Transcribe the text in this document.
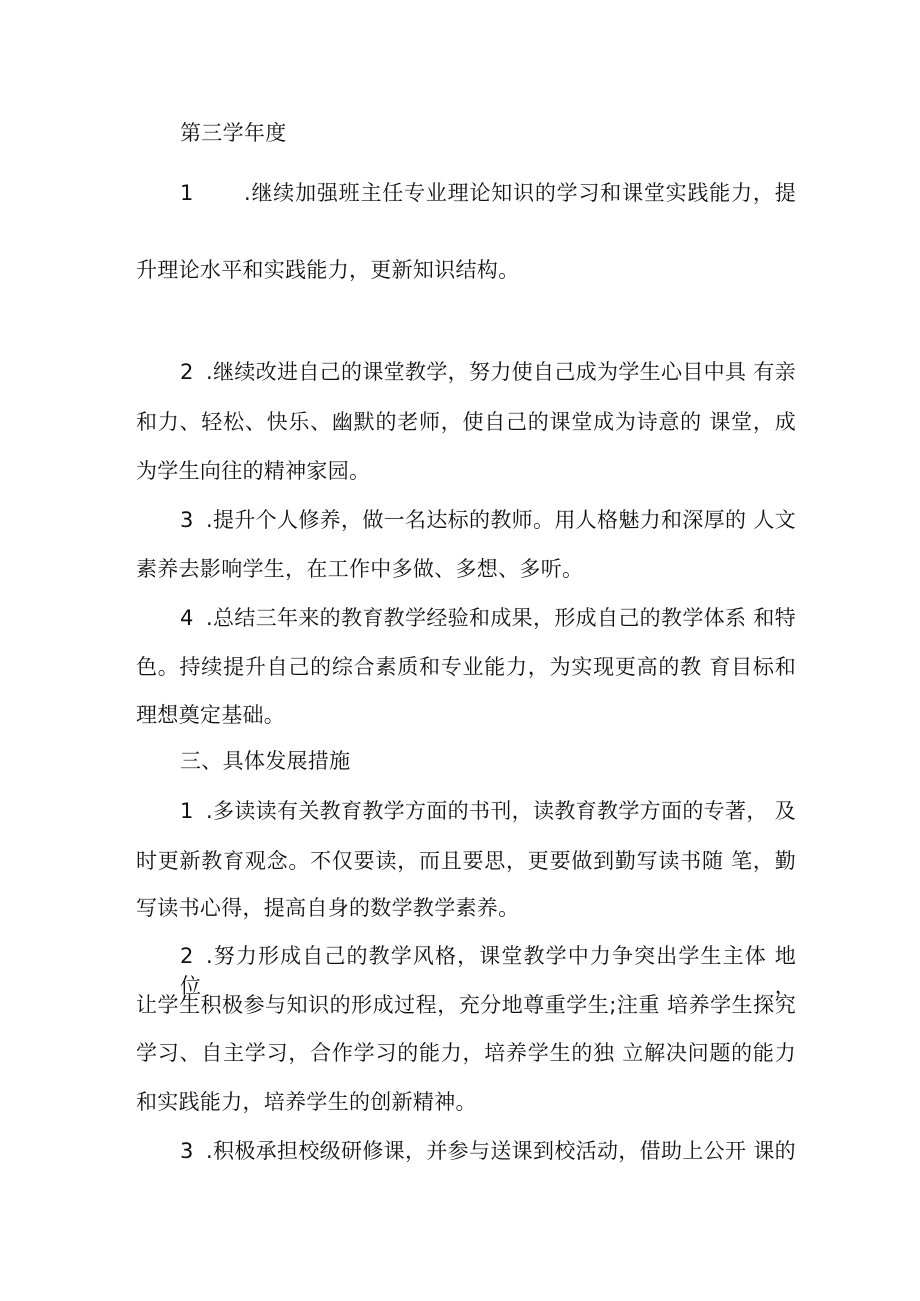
第三学年度
1 .继续加强班主任专业理论知识的学习和课堂实践能力，提
升理论水平和实践能力，更新知识结构。
2 .继续改进自己的课堂教学，努力使自己成为学生心目中具 有亲
和力、轻松、快乐、幽默的老师，使自己的课堂成为诗意的 课堂，成
为学生向往的精神家园。
3 .提升个人修养，做一名达标的教师。用人格魅力和深厚的 人文
素养去影响学生，在工作中多做、多想、多听。
4 .总结三年来的教育教学经验和成果，形成自己的教学体系 和特
色。持续提升自己的综合素质和专业能力，为实现更高的教 育目标和
理想奠定基础。
三、具体发展措施
1 .多读读有关教育教学方面的书刊，读教育教学方面的专著， 及
时更新教育观念。不仅要读，而且要思，更要做到勤写读书随 笔，勤
写读书心得，提高自身的数学教学素养。
2 .努力形成自己的教学风格，课堂教学中力争突出学生主体 地位，
让学生积极参与知识的形成过程，充分地尊重学生;注重 培养学生探究
学习、自主学习，合作学习的能力，培养学生的独 立解决问题的能力
和实践能力，培养学生的创新精神。
3 .积极承担校级研修课，并参与送课到校活动，借助上公开 课的
